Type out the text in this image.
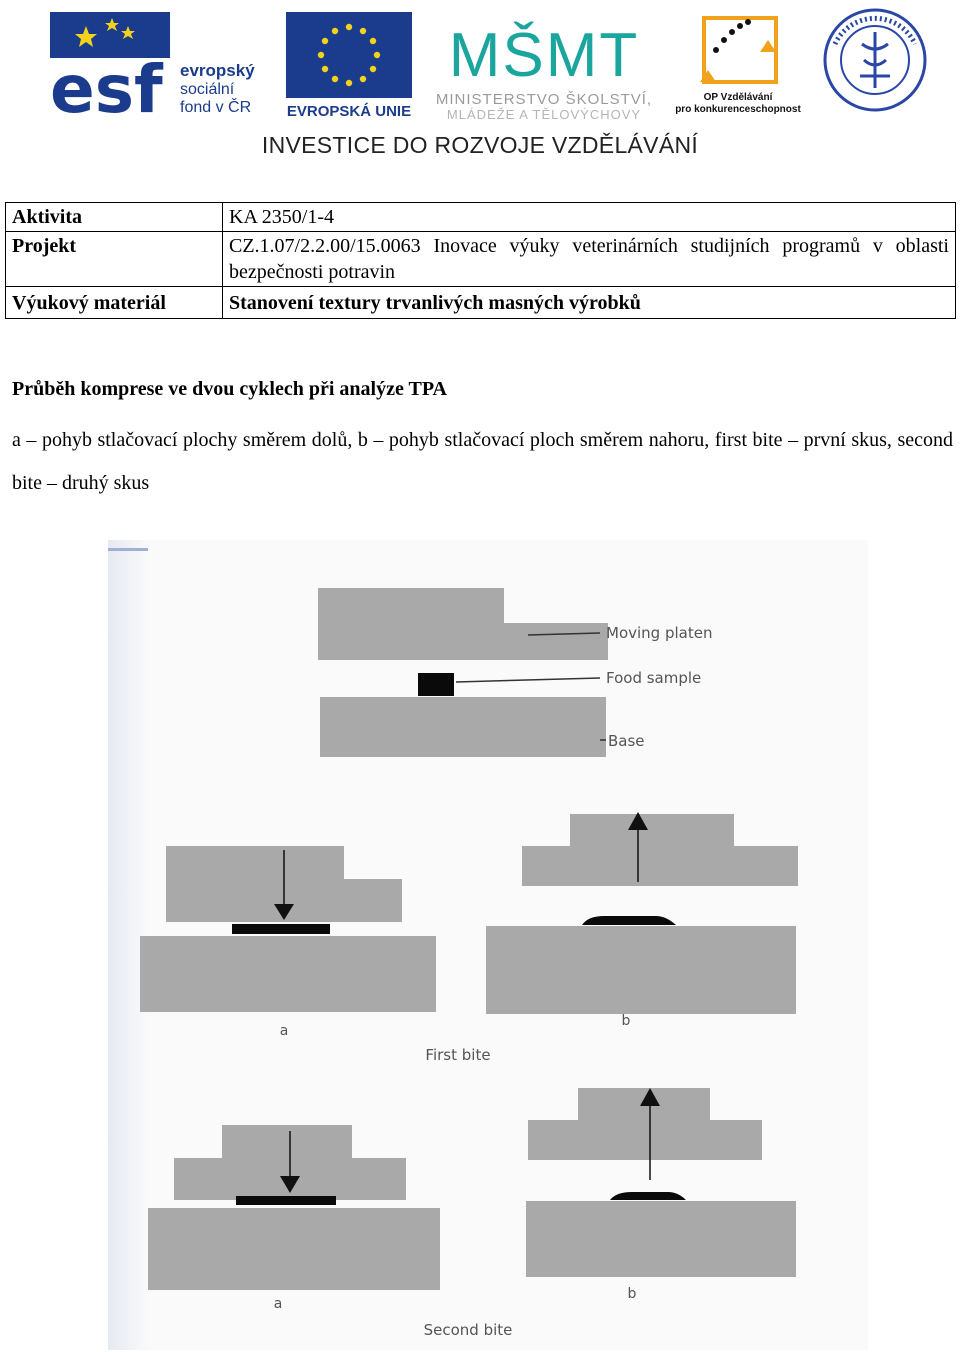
esf evropský
sociální
fond v ČR EVROPSKÁ UNIE
MŠMT
MINISTERSTVO ŠKOLSTVÍ,
MLÁDEŽE A TĚLOVÝCHOVY
OP Vzdělávání
pro konkurenceschopnost
INVESTICE DO ROZVOJE VZDĚLÁVÁNÍ
Aktivita	KA 2350/1-4
Projekt	CZ.1.07/2.2.00/15.0063 Inovace výuky veterinárních studijních programů v oblasti bezpečnosti potravin
Výukový materiál	Stanovení textury trvanlivých masných výrobků
Průběh komprese ve dvou cyklech při analýze TPA
a – pohyb stlačovací plochy směrem dolů, b – pohyb stlačovací ploch směrem nahoru, first bite – první skus, second bite – druhý skus
Moving platen
Food sample
Base
a
b
First bite
a
b
Second bite
